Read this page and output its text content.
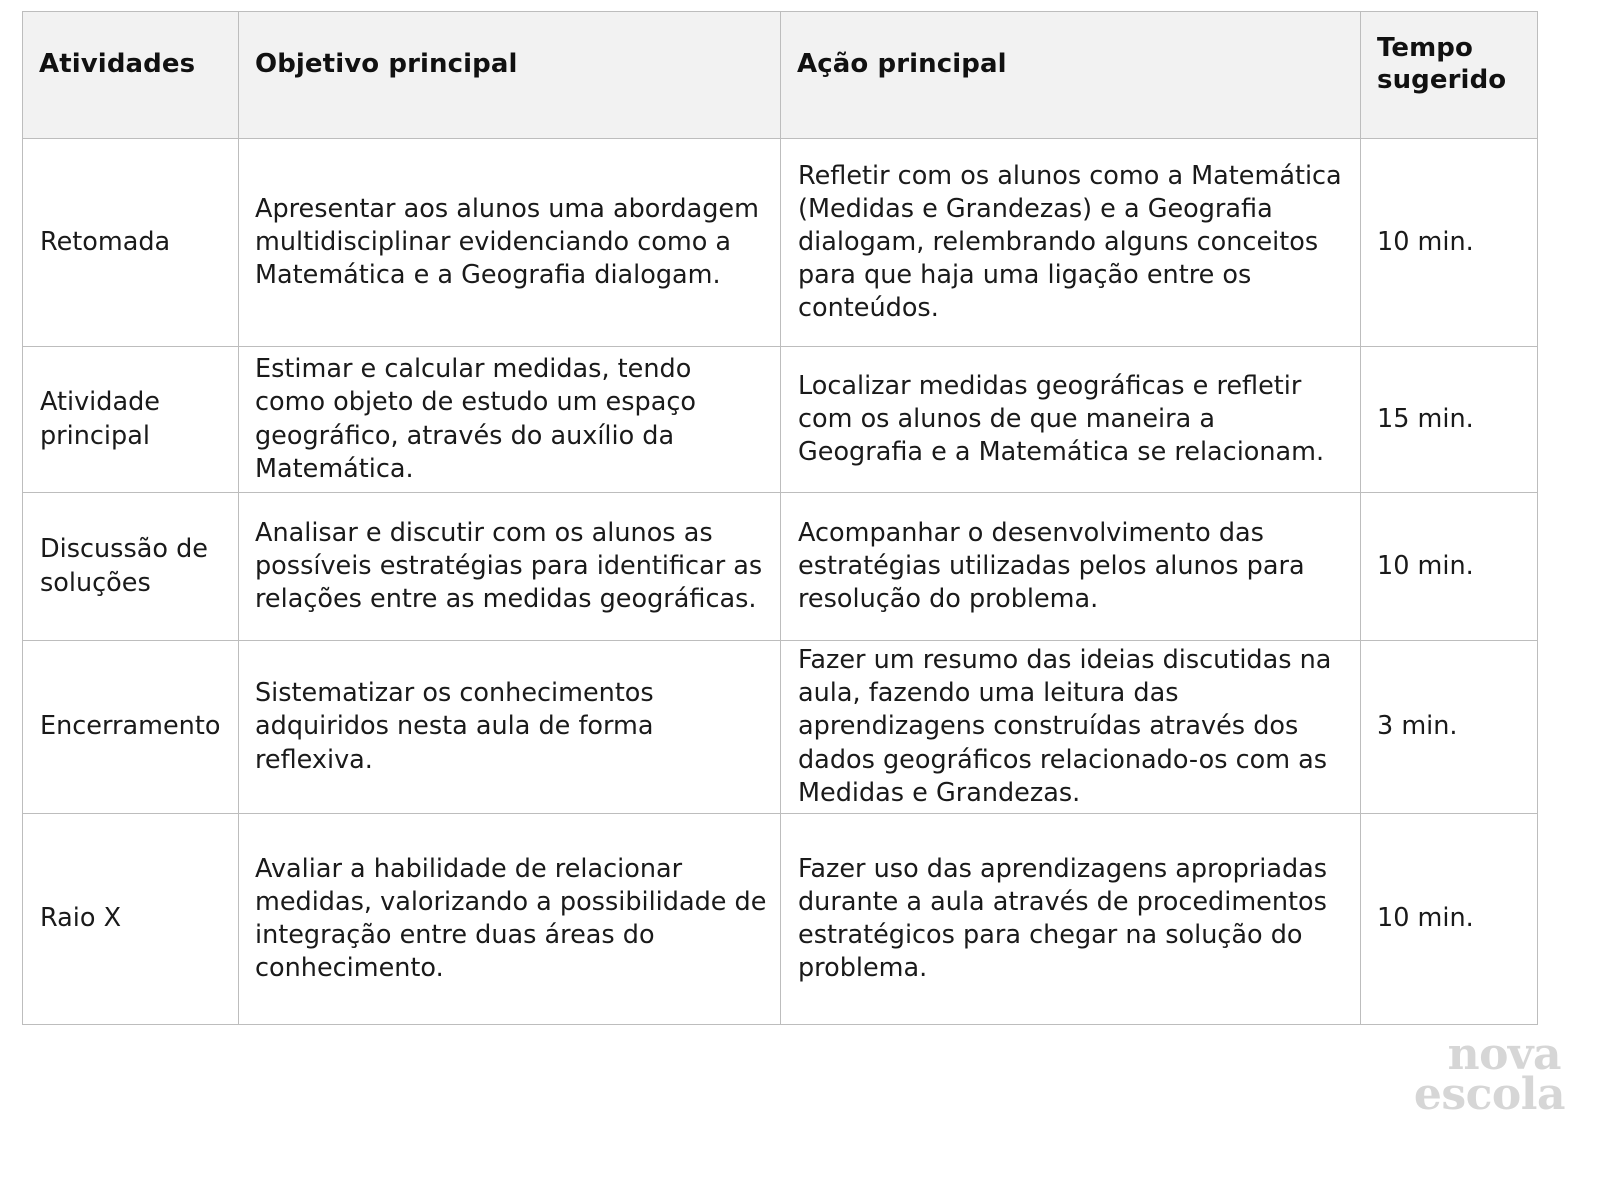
Atividades	Objetivo principal	Ação principal	Tempo
sugerido

Retomada	Apresentar aos alunos uma abordagem multidisciplinar evidenciando como a Matemática e a Geografia dialogam.	Refletir com os alunos como a Matemática (Medidas e Grandezas) e a Geografia dialogam, relembrando alguns conceitos para que haja uma ligação entre os conteúdos.	10 min.
Atividade principal	Estimar e calcular medidas, tendo como objeto de estudo um espaço geográfico, através do auxílio da Matemática.	Localizar medidas geográficas e refletir com os alunos de que maneira a Geografia e a Matemática se relacionam.	15 min.
Discussão de soluções	Analisar e discutir com os alunos as possíveis estratégias para identificar as relações entre as medidas geográficas.	Acompanhar o desenvolvimento das estratégias utilizadas pelos alunos para resolução do problema.	10 min.
Encerramento	Sistematizar os conhecimentos adquiridos nesta aula de forma reflexiva.	Fazer um resumo das ideias discutidas na aula, fazendo uma leitura das aprendizagens construídas através dos dados geográficos relacionado-os com as Medidas e Grandezas.	3 min.
Raio X	Avaliar a habilidade de relacionar medidas, valorizando a possibilidade de integração entre duas áreas do conhecimento.	Fazer uso das aprendizagens apropriadas durante a aula através de procedimentos estratégicos para chegar na solução do problema.	10 min.
nova
escola
